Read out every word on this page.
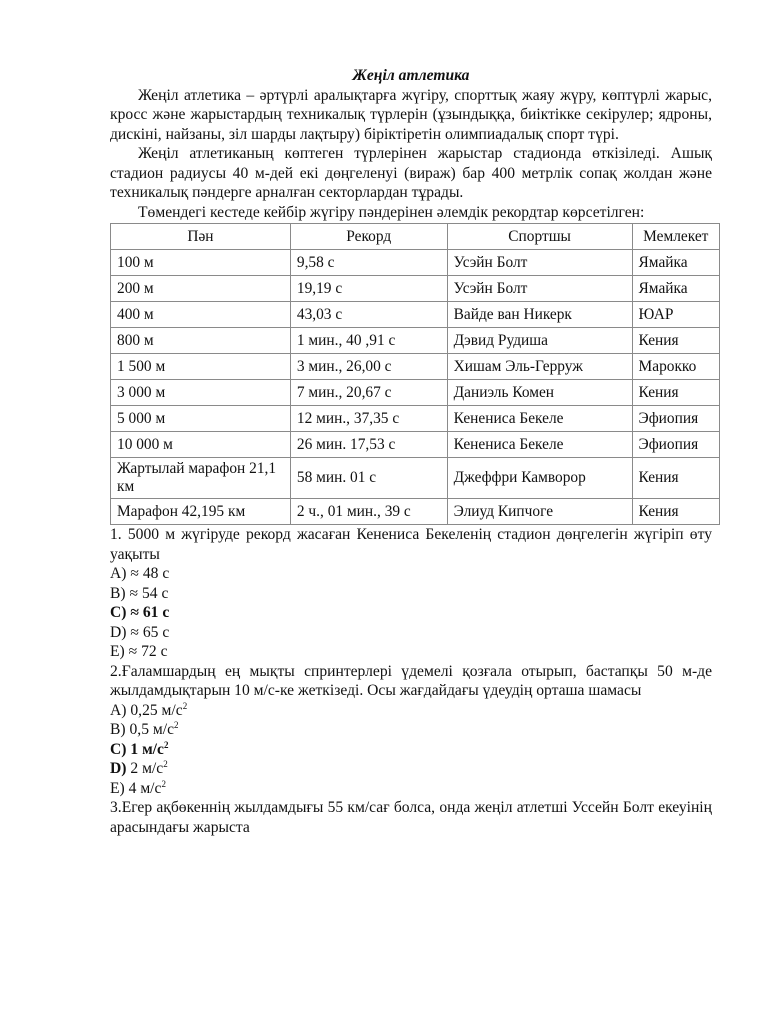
Жеңіл атлетика

Жеңіл атлетика – әртүрлі аралықтарға жүгіру, спорттық жаяу жүру, көптүрлі жарыс, кросс және жарыстардың техникалық түрлерін (ұзындыққа, биіктікке секірулер; ядроны, дискіні, найзаны, зіл шарды лақтыру) біріктіретін олимпиадалық спорт түрі.

Жеңіл атлетиканың көптеген түрлерінен жарыстар стадионда өткізіледі. Ашық стадион радиусы 40 м-дей екі дөңгеленуі (вираж) бар 400 метрлік сопақ жолдан және техникалық пәндерге арналған секторлардан тұрады.

Төмендегі кестеде кейбір жүгіру пәндерінен әлемдік рекордтар көрсетілген:

Пән	Рекорд	Спортшы	Мемлекет
100 м	9,58 с	Усэйн Болт	Ямайка
200 м	19,19 с	Усэйн Болт	Ямайка
400 м	43,03 с	Вайде ван Никерк	ЮАР
800 м	1 мин., 40 ,91 с	Дэвид Рудиша	Кения
1 500 м	3 мин., 26,00 с	Хишам Эль-Герруж	Марокко
3 000 м	7 мин., 20,67 с	Даниэль Комен	Кения
5 000 м	12 мин., 37,35 с	Кенениса Бекеле	Эфиопия
10 000 м	26 мин. 17,53 с	Кенениса Бекеле	Эфиопия
Жартылай марафон 21,1 км	58 мин. 01 с	Джеффри Камворор	Кения
Марафон 42,195 км	2 ч., 01 мин., 39 с	Элиуд Кипчоге	Кения

1. 5000 м жүгіруде рекорд жасаған Кенениса Бекеленің стадион дөңгелегін жүгіріп өту уақыты

A) ≈ 48 с

B) ≈ 54 с

C) ≈ 61 с

D) ≈ 65 с

E) ≈ 72 с

2.Ғаламшардың ең мықты спринтерлері үдемелі қозғала отырып, бастапқы 50 м-де жылдамдықтарын 10 м/с-ке жеткізеді. Осы жағдайдағы үдеудің орташа шамасы

A) 0,25 $м/с^2$

B) 0,5 $м/с^2$

C) 1 $м/с^2$

D) 2 $м/с^2$

E) 4 $м/с^2$

3.Егер ақбөкеннің жылдамдығы 55 км/сағ болса, онда жеңіл атлетші Уссейн Болт екеуінің арасындағы жарыста
